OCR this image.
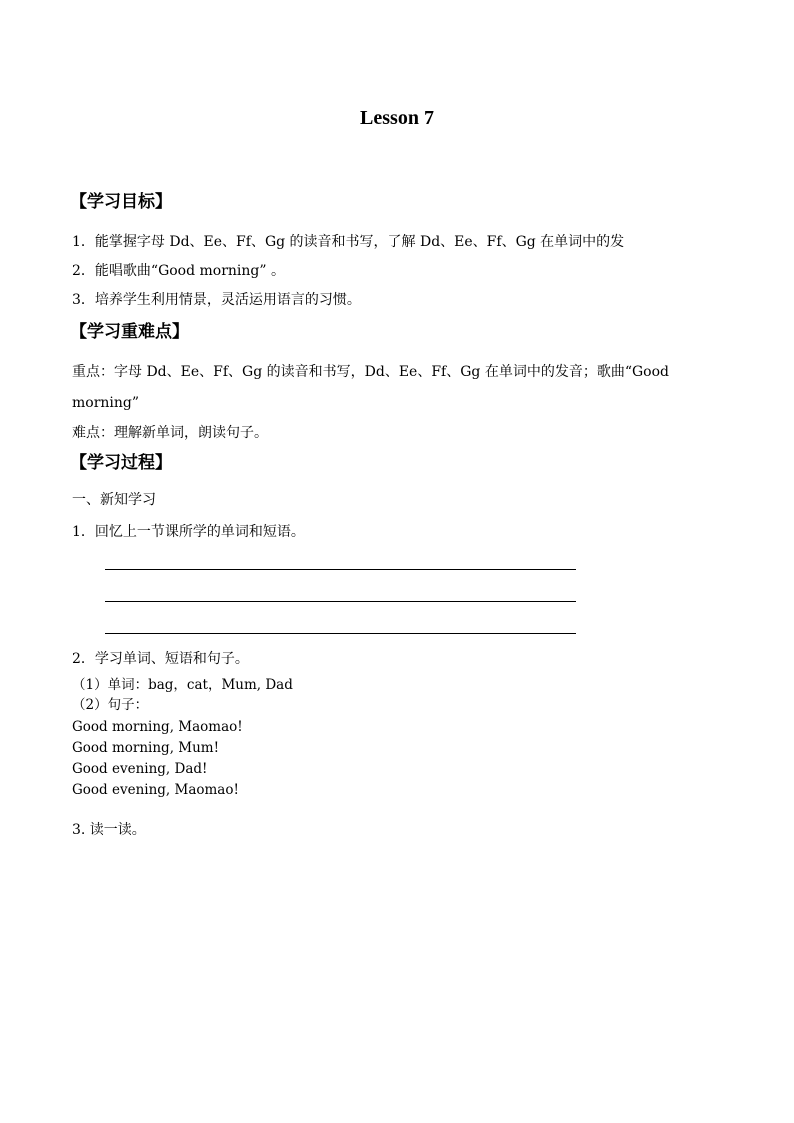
Lesson 7
【学习目标】
1．能掌握字母 Dd、Ee、Ff、Gg 的读音和书写，了解 Dd、Ee、Ff、Gg 在单词中的发
2．能唱歌曲“Good morning” 。
3．培养学生利用情景，灵活运用语言的习惯。
【学习重难点】
重点：字母 Dd、Ee、Ff、Gg 的读音和书写，Dd、Ee、Ff、Gg 在单词中的发音；歌曲“Good
morning”
难点：理解新单词，朗读句子。
【学习过程】
一、新知学习
1．回忆上一节课所学的单词和短语。
2．学习单词、短语和句子。
（1）单词：bag，cat，Mum, Dad
（2）句子：
Good morning, Maomao!
Good morning, Mum!
Good evening, Dad!
Good evening, Maomao!
3. 读一读。
